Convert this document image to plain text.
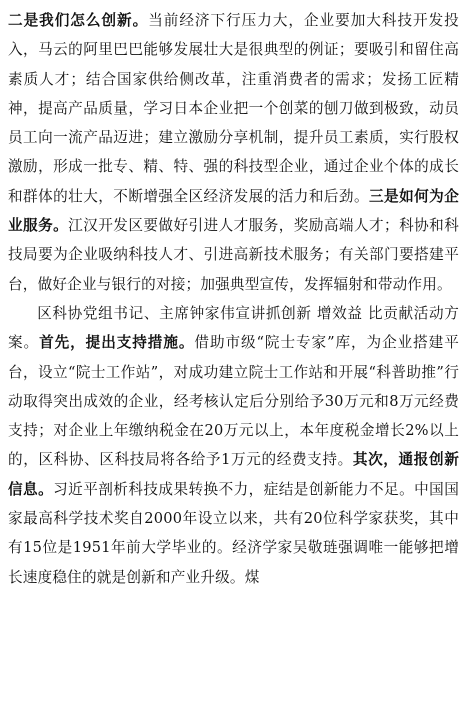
二是我们怎么创新。当前经济下行压力大，企业要加大科技开发投入，马云的阿里巴巴能够发展壮大是很典型的例证；要吸引和留住高素质人才；结合国家供给侧改革，注重消费者的需求；发扬工匠精神，提高产品质量，学习日本企业把一个创菜的刨刀做到极致，动员员工向一流产品迈进；建立激励分享机制，提升员工素质，实行股权激励，形成一批专、精、特、强的科技型企业，通过企业个体的成长和群体的壮大，不断增强全区经济发展的活力和后劲。三是如何为企业服务。江汉开发区要做好引进人才服务，奖励高端人才；科协和科技局要为企业吸纳科技人才、引进高新技术服务；有关部门要搭建平台，做好企业与银行的对接；加强典型宣传，发挥辐射和带动作用。

区科协党组书记、主席钟家伟宣讲抓创新 增效益 比贡献活动方案。首先，提出支持措施。借助市级“院士专家”库，为企业搭建平台，设立“院士工作站”，对成功建立院士工作站和开展“科普助推”行动取得突出成效的企业，经考核认定后分别给予30万元和8万元经费支持；对企业上年缴纳税金在20万元以上，本年度税金增长2%以上的，区科协、区科技局将各给予1万元的经费支持。其次，通报创新信息。习近平剖析科技成果转换不力，症结是创新能力不足。中国国家最高科学技术奖自2000年设立以来，共有20位科学家获奖，其中有15位是1951年前大学毕业的。经济学家吴敬琏强调唯一能够把增长速度稳住的就是创新和产业升级。煤
